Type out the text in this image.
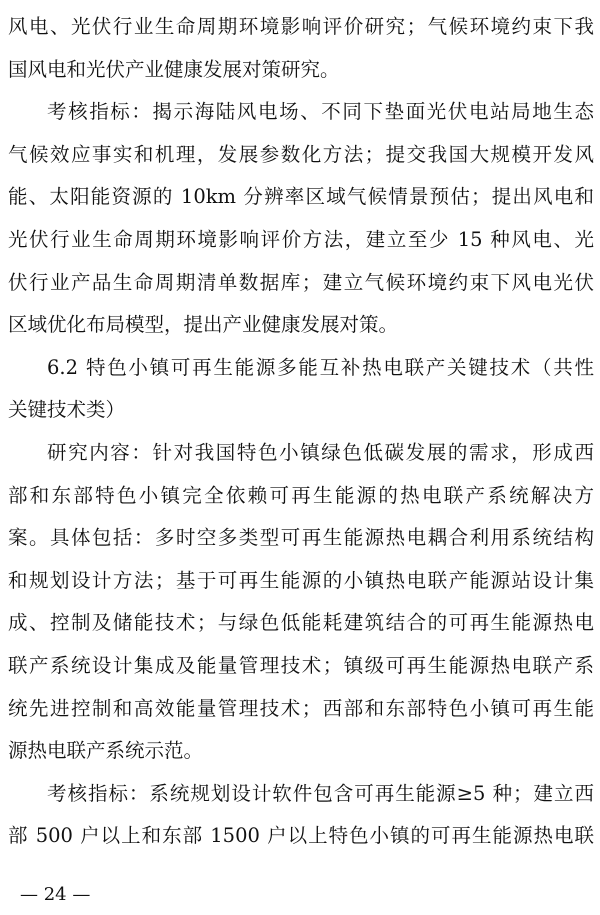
风电、光伏行业生命周期环境影响评价研究；气候环境约束下我
国风电和光伏产业健康发展对策研究。
考核指标：揭示海陆风电场、不同下垫面光伏电站局地生态
气候效应事实和机理，发展参数化方法；提交我国大规模开发风
能、太阳能资源的 10km 分辨率区域气候情景预估；提出风电和
光伏行业生命周期环境影响评价方法，建立至少 15 种风电、光
伏行业产品生命周期清单数据库；建立气候环境约束下风电光伏
区域优化布局模型，提出产业健康发展对策。
6.2 特色小镇可再生能源多能互补热电联产关键技术（共性
关键技术类）
研究内容：针对我国特色小镇绿色低碳发展的需求，形成西
部和东部特色小镇完全依赖可再生能源的热电联产系统解决方
案。具体包括：多时空多类型可再生能源热电耦合利用系统结构
和规划设计方法；基于可再生能源的小镇热电联产能源站设计集
成、控制及储能技术；与绿色低能耗建筑结合的可再生能源热电
联产系统设计集成及能量管理技术；镇级可再生能源热电联产系
统先进控制和高效能量管理技术；西部和东部特色小镇可再生能
源热电联产系统示范。
考核指标：系统规划设计软件包含可再生能源≥5 种；建立西
部 500 户以上和东部 1500 户以上特色小镇的可再生能源热电联
— 24 —
